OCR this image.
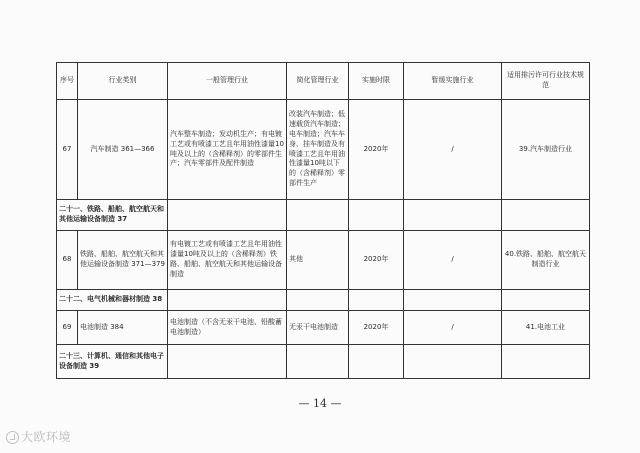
序号	行业类别	一般管理行业	简化管理行业	实施时限	暂缓实施行业	适用排污许可行业技术规范
67	汽车制造 361—366	汽车整车制造；发动机生产；有电镀工艺或有喷漆工艺且年用油性漆量10吨及以上的（含稀释剂）的零部件生产；汽车零部件及配件制造	改装汽车制造；低速载货汽车制造；电车制造；汽车车身、挂车制造及有喷漆工艺且年用油性漆量10吨以下的（含稀释剂）零部件生产	2020年	/	39.汽车制造行业
二十一、铁路、船舶、航空航天和其他运输设备制造 37						
68	铁路、船舶、航空航天和其他运输设备制造 371—379	有电镀工艺或有喷漆工艺且年用油性漆量10吨及以上的（含稀释剂）铁路、船舶、航空航天和其他运输设备制造	其他	2020年	/	40.铁路、船舶、航空航天制造行业
二十二、电气机械和器材制造 38						
69	电池制造 384	电池制造（不含无汞干电池、铅酸蓄电池制造）	无汞干电池制造	2020年	/	41.电池工业
二十三、计算机、通信和其他电子设备制造 39						
— 14 —
大欧环境
